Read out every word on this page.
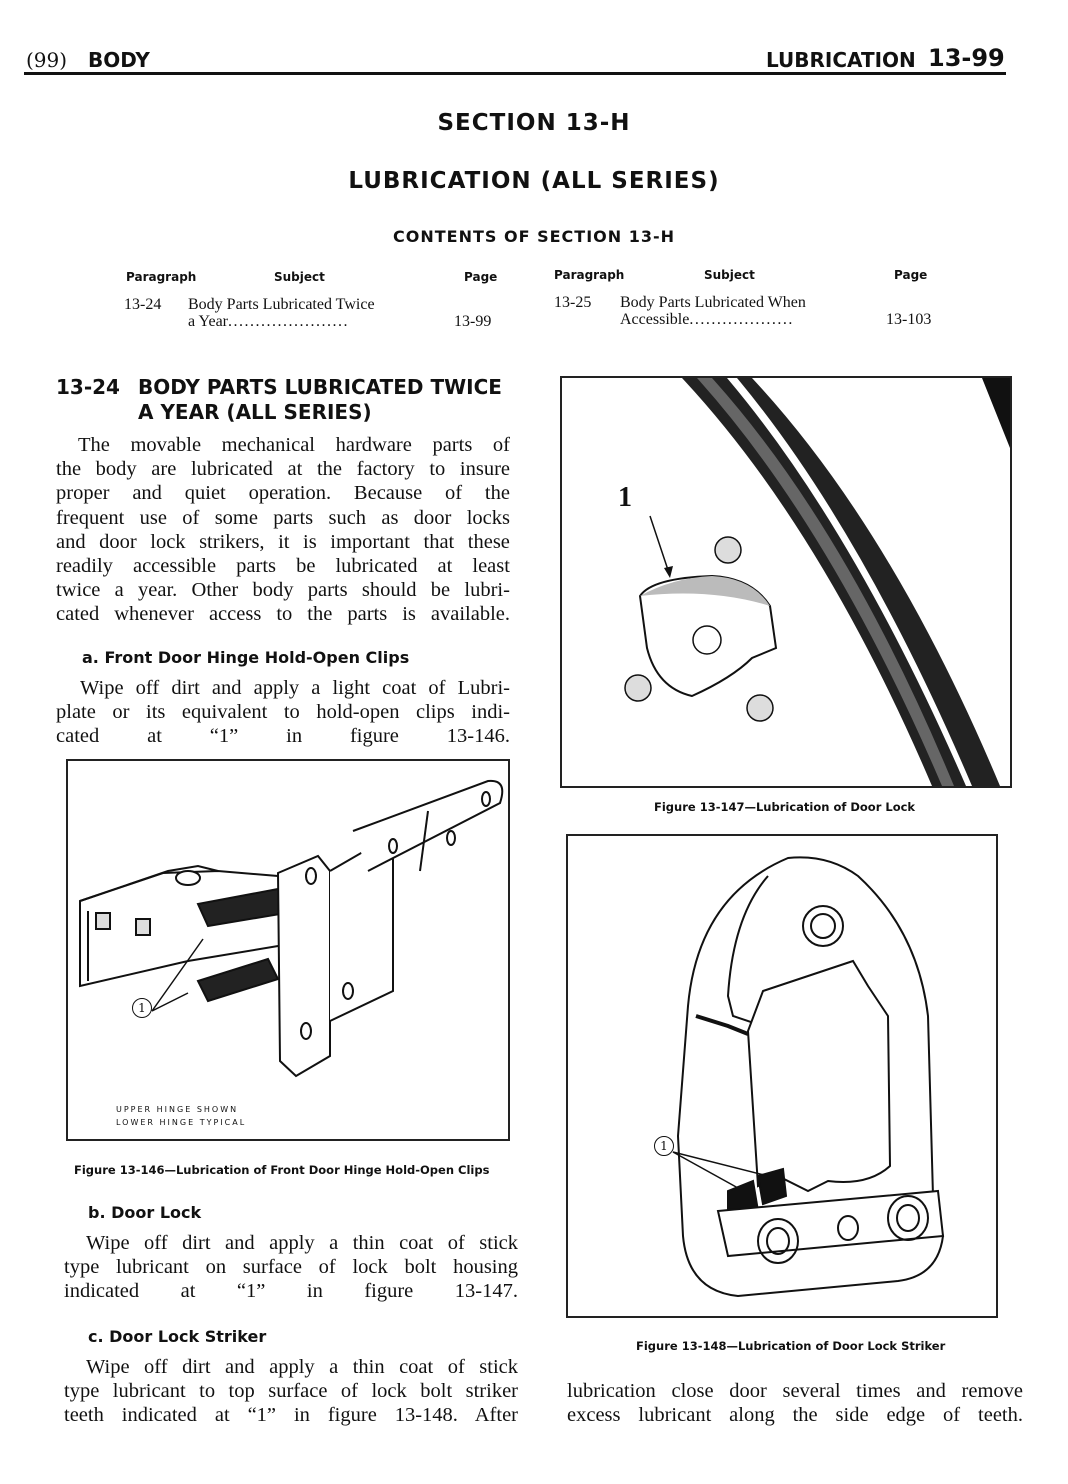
(99) BODY	LUBRICATION 13-99
SECTION 13-H
LUBRICATION (ALL SERIES)
CONTENTS OF SECTION 13-H
Paragraph	Subject	Page
13-24 Body Parts Lubricated Twice
a Year......................	13-99
Paragraph	Subject	Page
13-25 Body Parts Lubricated When
Accessible...................	13-103
13-24 BODY PARTS LUBRICATED TWICE
A YEAR (ALL SERIES)
The movable mechanical hardware parts of
the body are lubricated at the factory to insure
proper and quiet operation. Because of the
frequent use of some parts such as door locks
and door lock strikers, it is important that these
readily accessible parts be lubricated at least
twice a year. Other body parts should be lubri-
cated whenever access to the parts is available.
a. Front Door Hinge Hold-Open Clips
Wipe off dirt and apply a light coat of Lubri-
plate or its equivalent to hold-open clips indi-
cated at “1” in figure 13-146.
1
UPPER HINGE SHOWN
LOWER HINGE TYPICAL
Figure 13-146—Lubrication of Front Door Hinge Hold-Open Clips
b. Door Lock
Wipe off dirt and apply a thin coat of stick
type lubricant on surface of lock bolt housing
indicated at “1” in figure 13-147.
c. Door Lock Striker
Wipe off dirt and apply a thin coat of stick
type lubricant to top surface of lock bolt striker
teeth indicated at “1” in figure 13-148. After
1
Figure 13-147—Lubrication of Door Lock
1
Figure 13-148—Lubrication of Door Lock Striker
lubrication close door several times and remove
excess lubricant along the side edge of teeth.
